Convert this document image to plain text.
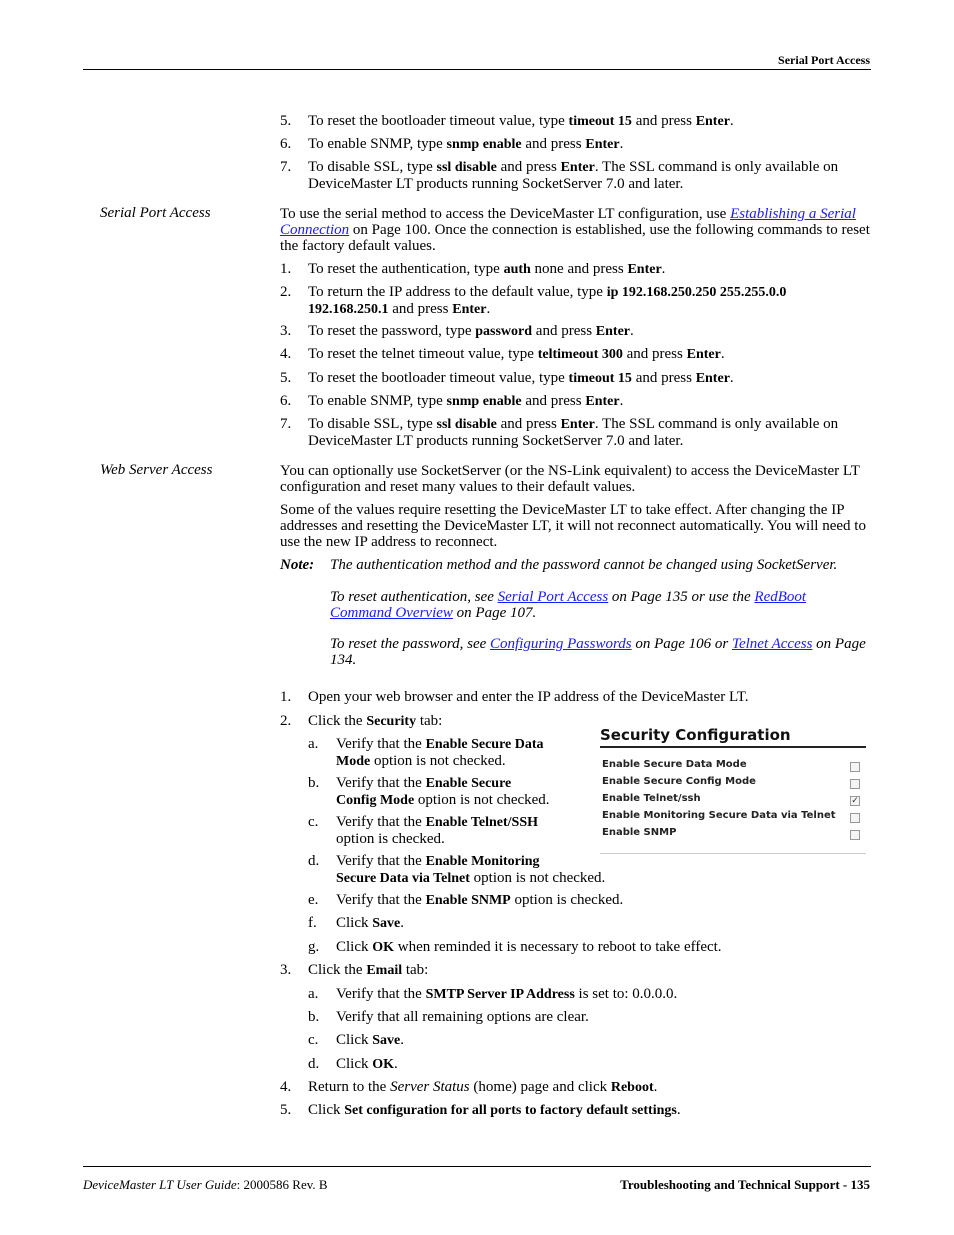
Serial Port Access
5.	To reset the bootloader timeout value, type timeout 15 and press Enter.
6.	To enable SNMP, type snmp enable and press Enter.
7.	To disable SSL, type ssl disable and press Enter. The SSL command is only available on DeviceMaster LT products running SocketServer 7.0 and later.
Serial Port Access	To use the serial method to access the DeviceMaster LT configuration, use Establishing a Serial Connection on Page 100. Once the connection is established, use the following commands to reset the factory default values.
1.	To reset the authentication, type auth none and press Enter.
2.	To return the IP address to the default value, type ip 192.168.250.250 255.255.0.0 192.168.250.1 and press Enter.
3.	To reset the password, type password and press Enter.
4.	To reset the telnet timeout value, type teltimeout 300 and press Enter.
5.	To reset the bootloader timeout value, type timeout 15 and press Enter.
6.	To enable SNMP, type snmp enable and press Enter.
7.	To disable SSL, type ssl disable and press Enter. The SSL command is only available on DeviceMaster LT products running SocketServer 7.0 and later.
Web Server Access	You can optionally use SocketServer (or the NS-Link equivalent) to access the DeviceMaster LT configuration and reset many values to their default values.
Some of the values require resetting the DeviceMaster LT to take effect. After changing the IP addresses and resetting the DeviceMaster LT, it will not reconnect automatically. You will need to use the new IP address to reconnect.
Note: The authentication method and the password cannot be changed using SocketServer.
To reset authentication, see Serial Port Access on Page 135 or use the RedBoot Command Overview on Page 107.
To reset the password, see Configuring Passwords on Page 106 or Telnet Access on Page 134.
1.	Open your web browser and enter the IP address of the DeviceMaster LT.
2.	Click the Security tab:
a.	Verify that the Enable Secure Data
Mode option is not checked.
b.	Verify that the Enable Secure
Config Mode option is not checked.
c.	Verify that the Enable Telnet/SSH
option is checked.
d.	Verify that the Enable Monitoring
Secure Data via Telnet option is not checked.
Security Configuration
Enable Secure Data Mode
Enable Secure Config Mode
Enable Telnet/ssh	✓
Enable Monitoring Secure Data via Telnet
Enable SNMP
e.	Verify that the Enable SNMP option is checked.
f.	Click Save.
g.	Click OK when reminded it is necessary to reboot to take effect.
3.	Click the Email tab:
a.	Verify that the SMTP Server IP Address is set to: 0.0.0.0.
b.	Verify that all remaining options are clear.
c.	Click Save.
d.	Click OK.
4.	Return to the Server Status (home) page and click Reboot.
5.	Click Set configuration for all ports to factory default settings.
DeviceMaster LT User Guide: 2000586 Rev. B	Troubleshooting and Technical Support - 135
